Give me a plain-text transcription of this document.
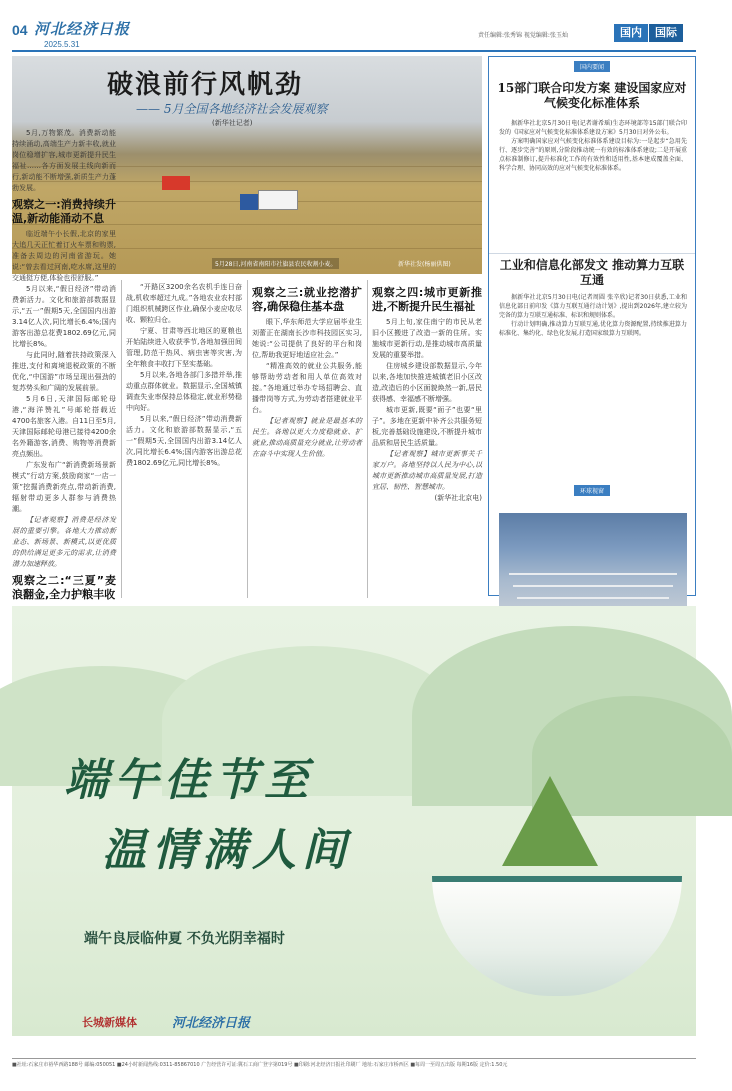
04 河北经济日报
2025.5.31
责任编辑:张秀锦 视觉编辑:张玉灿	国内	国际
破浪前行风帆劲
—— 5月全国各地经济社会发展观察
(新华社记者)
5月28日,河南省南阳市社旗县农民收割小麦。	新华社发(杨丽供图)

5月,万物繁茂。消费新动能持续涌动,高端生产力新丰收,就业岗位稳增扩容,城市更新提升民生福祉……各方面发展主线向新而行,新动能不断增强,新质生产力蓬勃发展。

观察之一:消费持续升温,新动能涌动不息

临近端午小长假,北京的家里大追几天正忙着订火车票和购票,准备去周边的河南省游玩。她说:“曾去看过河南,吃水席,这里的交通挺方便,体验也很舒服。”

5月以来,“假日经济”带动消费新活力。文化和旅游部数据显示,“五一”假期5天,全国国内出游3.14亿人次,同比增长6.4%;国内游客出游总花费1802.69亿元,同比增长8%。

与此同时,随着扶持政策深入推进,支付和离境退税政策的不断优化,“中国游”市场呈现出强劲的复苏势头和广阔的发展前景。

5月6日,天津国际邮轮母港,“海洋赞礼”号邮轮搭载近4700名旅客入港。自11日至5月,天津国际邮轮母港已接待4200余名外籍游客,消费、购物等消费新亮点频出。

广东发布广“新消费新场景新模式”行动方案,鼓励商家“一店一策”挖掘消费新亮点,带动新消费,辐射带动更多人群参与消费热潮。

【记者观察】消费是经济发展的重要引擎。各地大力推动新业态、新场景、新模式,以更优质的供给满足更多元的需求,让消费潜力加速释放。

观察之二:“三夏”麦浪翻金,全力护粮丰收

“开路区3200余名农机手连日奋战,机收率超过九成。”各地农业农村部门组织机械跨区作业,确保小麦应收尽收、颗粒归仓。

宁夏、甘肃等西北地区的夏粮也开始陆续进入收获季节,各地加强田间管理,防范干热风、病虫害等灾害,为全年粮食丰收打下坚实基础。

5月以来,各地各部门多措并举,推动重点群体就业。数据显示,全国城镇调查失业率保持总体稳定,就业形势稳中向好。

5月以来,“假日经济”带动消费新活力。文化和旅游部数据显示,“五一”假期5天,全国国内出游3.14亿人次,同比增长6.4%;国内游客出游总花费1802.69亿元,同比增长8%。

观察之三:就业挖潜扩容,确保稳住基本盘

眼下,华东师范大学应届毕业生刘蕾正在湖南长沙市科技园区实习,她说:“公司提供了良好的平台和岗位,帮助我更好地适应社会。”

“精准高效的就业公共服务,能够帮助劳动者和用人单位高效对接。”各地通过举办专场招聘会、直播带岗等方式,为劳动者搭建就业平台。

【记者观察】就业是最基本的民生。各地以更大力度稳就业、扩就业,推动高质量充分就业,让劳动者在奋斗中实现人生价值。

观察之四:城市更新推进,不断提升民生福祉

5月上旬,家住南宁的市民从老旧小区搬进了改造一新的住所。实施城市更新行动,是推动城市高质量发展的重要举措。

住房城乡建设部数据显示,今年以来,各地加快推进城镇老旧小区改造,改造后的小区面貌焕然一新,居民获得感、幸福感不断增强。

城市更新,既要“面子”也要“里子”。多地在更新中补齐公共服务短板,完善基础设施建设,不断提升城市品质和居民生活质量。

【记者观察】城市更新事关千家万户。各地坚持以人民为中心,以城市更新推动城市高质量发展,打造宜居、韧性、智慧城市。

(新华社北京电)

国内要闻
15部门联合印发方案 建设国家应对气候变化标准体系

据新华社北京5月30日电(记者谢希瑶)生态环境部等15部门联合印发的《国家应对气候变化标准体系建设方案》5月30日对外公布。

方案明确国家应对气候变化标准体系建设目标为:一是起步“急用先行、逐步完善”的原则,分阶段推动统一有效的标准体系建设;二是开展重点标准制修订,提升标准化工作的有效性和适用性,基本建成覆盖全面、科学合理、协同高效的应对气候变化标准体系。

工业和信息化部发文 推动算力互联互通

据新华社北京5月30日电(记者周圆 张辛欣)记者30日获悉,工业和信息化部日前印发《算力互联互通行动计划》,提出到2026年,建立较为完备的算力互联互通标准、标识和规则体系。

行动计划明确,推动算力互联互通,优化算力资源配置,持续推进算力标准化、集约化、绿色化发展,打造国家级算力互联网。

环球视窗
端午佳节至
温情满人间
端午良辰临仲夏 不负光阴幸福时
长城新媒体	河北经济日报
■社址:石家庄市裕华西路188号 邮编:050051 ■24小时新闻热线:0311-85867010 广告经营许可证:冀石工商广登字第019号 ■印刷:河北经济日报社印刷厂 地址:石家庄市桥西区 ■每周一至周五出版 每期16版 定价:1.50元
